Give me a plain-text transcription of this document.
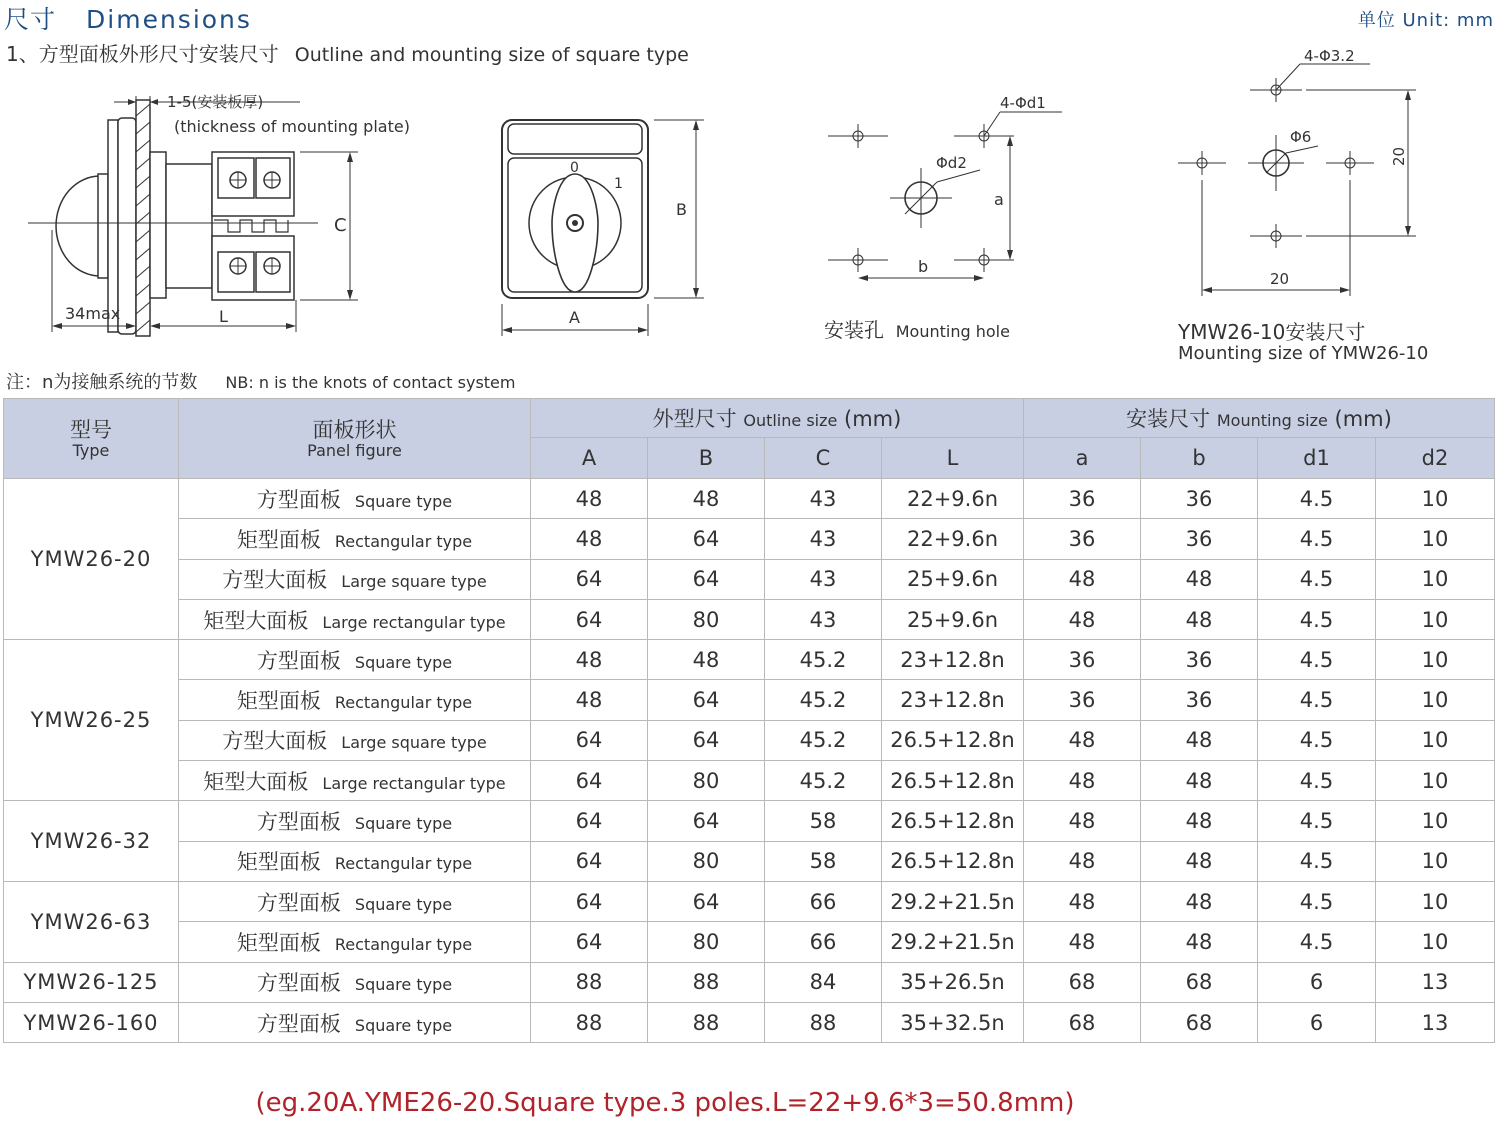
尺寸 Dimensions	单位 Unit: mm
1、方型面板外形尺寸安装尺寸 Outline and mounting size of square type
1-5(安装板厚)
(thickness of mounting plate)
C
34max	L
0
1
B
A
4-Φd1
Φd2
a
b
4-Φ3.2
Φ6
20
20
安装孔 Mounting hole	YMW26-10安装尺寸
Mounting size of YMW26-10
注：n为接触系统的节数 NB: n is the knots of contact system
型号
Type	面板形状
Panel figure	外型尺寸 Outline size (mm)				安装尺寸 Mounting size (mm)			
		A	B	C	L	a	b	d1	d2
YMW26-20	方型面板 Square type	48	48	43	22+9.6n	36	36	4.5	10
	矩型面板 Rectangular type	48	64	43	22+9.6n	36	36	4.5	10
	方型大面板 Large square type	64	64	43	25+9.6n	48	48	4.5	10
	矩型大面板 Large rectangular type	64	80	43	25+9.6n	48	48	4.5	10
YMW26-25	方型面板 Square type	48	48	45.2	23+12.8n	36	36	4.5	10
	矩型面板 Rectangular type	48	64	45.2	23+12.8n	36	36	4.5	10
	方型大面板 Large square type	64	64	45.2	26.5+12.8n	48	48	4.5	10
	矩型大面板 Large rectangular type	64	80	45.2	26.5+12.8n	48	48	4.5	10
YMW26-32	方型面板 Square type	64	64	58	26.5+12.8n	48	48	4.5	10
	矩型面板 Rectangular type	64	80	58	26.5+12.8n	48	48	4.5	10
YMW26-63	方型面板 Square type	64	64	66	29.2+21.5n	48	48	4.5	10
	矩型面板 Rectangular type	64	80	66	29.2+21.5n	48	48	4.5	10
YMW26-125	方型面板 Square type	88	88	84	35+26.5n	68	68	6	13
YMW26-160	方型面板 Square type	88	88	88	35+32.5n	68	68	6	13
(eg.20A.YME26-20.Square type.3 poles.L=22+9.6*3=50.8mm)
